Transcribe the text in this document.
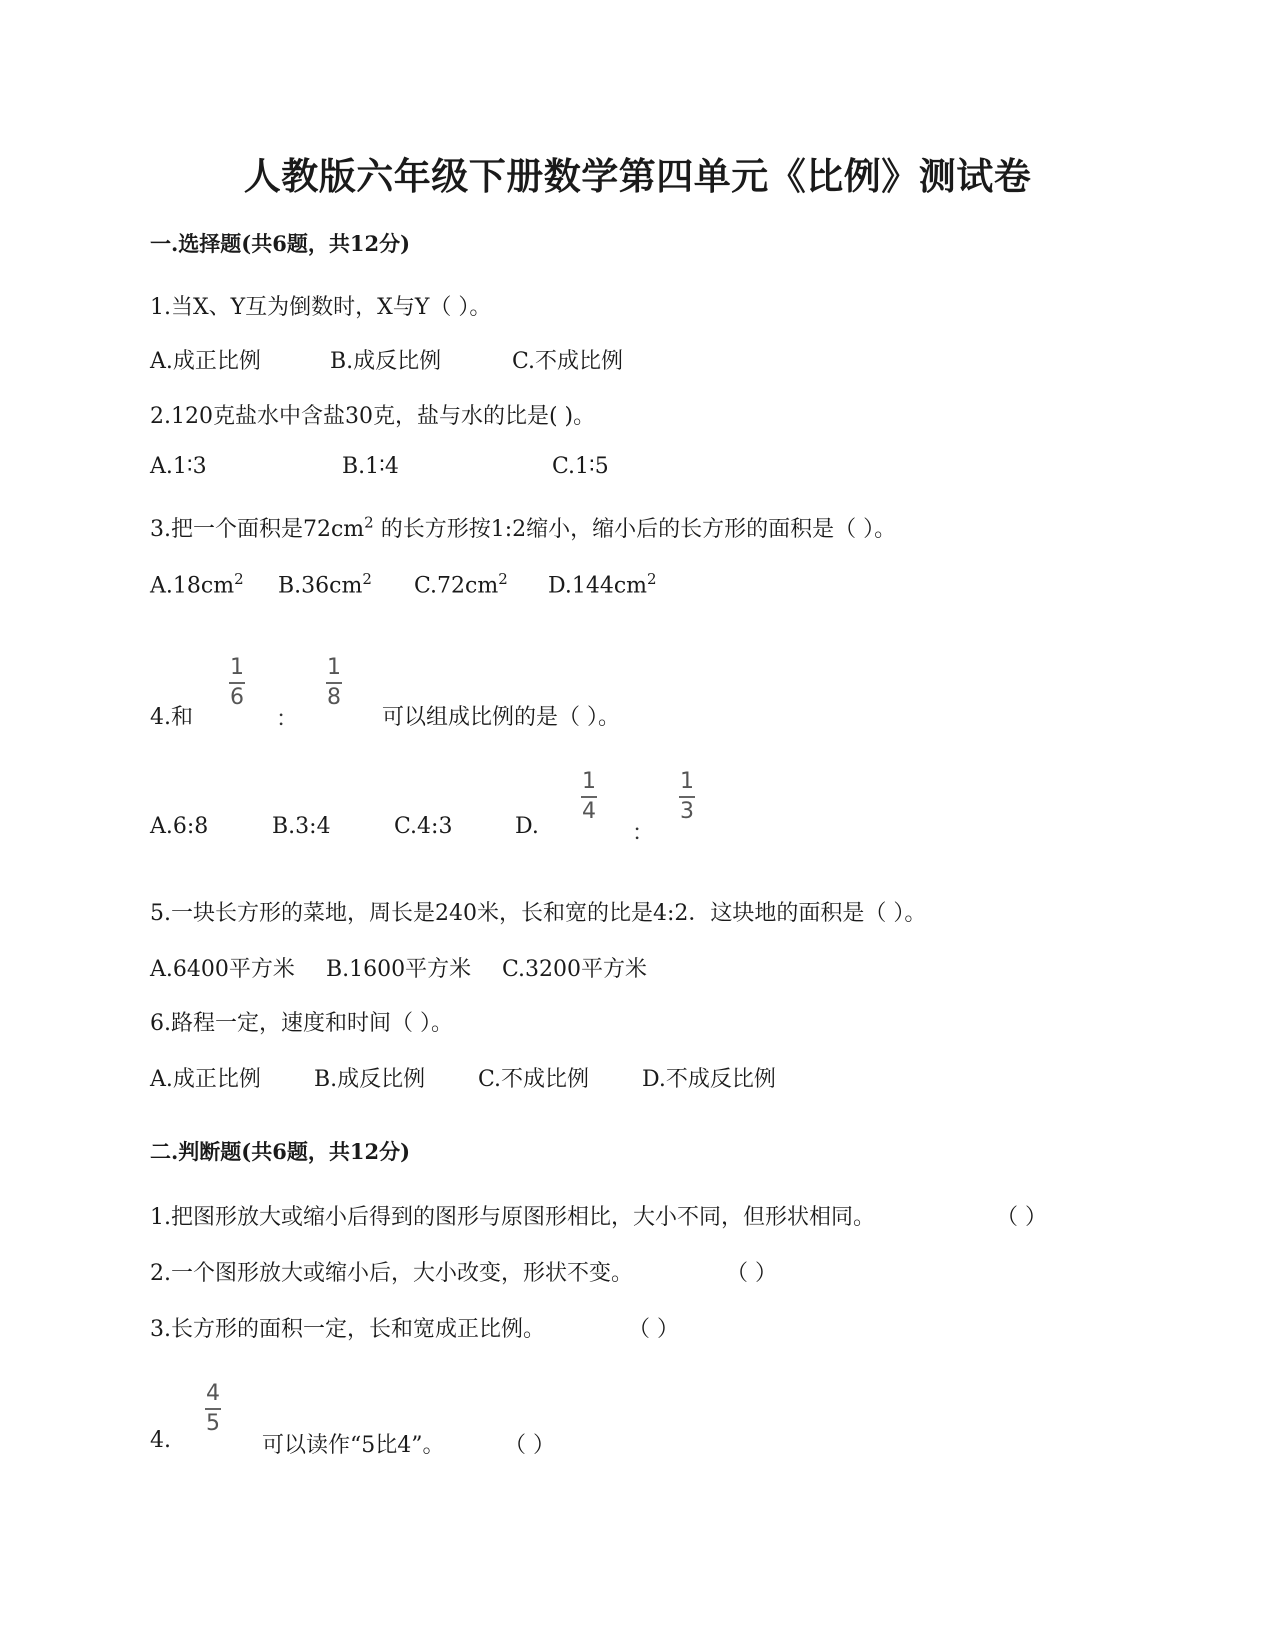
人教版六年级下册数学第四单元《比例》测试卷
一.选择题(共6题，共12分)
1.当X、Y互为倒数时，X与Y（ ）。
A.成正比例	B.成反比例	C.不成比例
2.120克盐水中含盐30克，盐与水的比是( )。
A.1∶3	B.1∶4	C.1∶5
3.把一个面积是$72cm^2$ 的长方形按1:2缩小，缩小后的长方形的面积是（ ）。
$A.18cm^2$ $B.36cm^2$ $C.72cm^2$ $D.144cm^2$
4.和
1
6
：
1
8
可以组成比例的是（ ）。
A.6:8	B.3:4	C.4:3	D.
1
4
：
1
3
5.一块长方形的菜地，周长是240米，长和宽的比是4:2．这块地的面积是（ ）。
A.6400平方米 B.1600平方米 C.3200平方米
6.路程一定，速度和时间（ ）。
A.成正比例 B.成反比例 C.不成比例 D.不成反比例
二.判断题(共6题，共12分)
1.把图形放大或缩小后得到的图形与原图形相比，大小不同，但形状相同。	（ ）
2.一个图形放大或缩小后，大小改变，形状不变。	（ ）
3.长方形的面积一定，长和宽成正比例。	（ ）
4.
4
5
可以读作“5比4”。	（ ）
